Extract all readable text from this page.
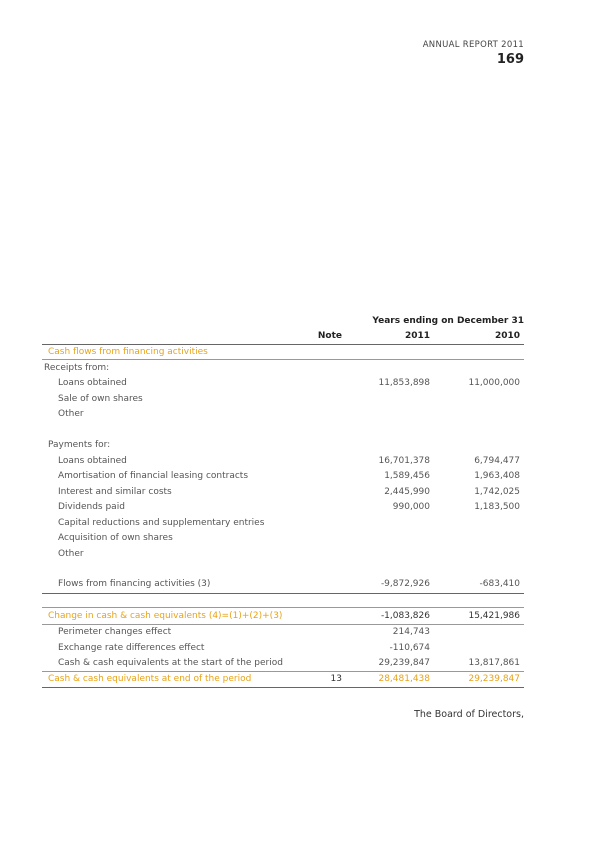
ANNUAL REPORT 2011
169
Years ending on December 31
Note	2011	2010
Cash flows from financing activities
Receipts from:
Loans obtained	11,853,898	11,000,000
Sale of own shares
Other
Payments for:
Loans obtained	16,701,378	6,794,477
Amortisation of financial leasing contracts	1,589,456	1,963,408
Interest and similar costs	2,445,990	1,742,025
Dividends paid	990,000	1,183,500
Capital reductions and supplementary entries
Acquisition of own shares
Other
Flows from financing activities (3)	-9,872,926	-683,410
Change in cash & cash equivalents (4)=(1)+(2)+(3)	-1,083,826	15,421,986
Perimeter changes effect	214,743
Exchange rate differences effect	-110,674
Cash & cash equivalents at the start of the period	29,239,847	13,817,861
Cash & cash equivalents at end of the period	13	28,481,438	29,239,847
The Board of Directors,
